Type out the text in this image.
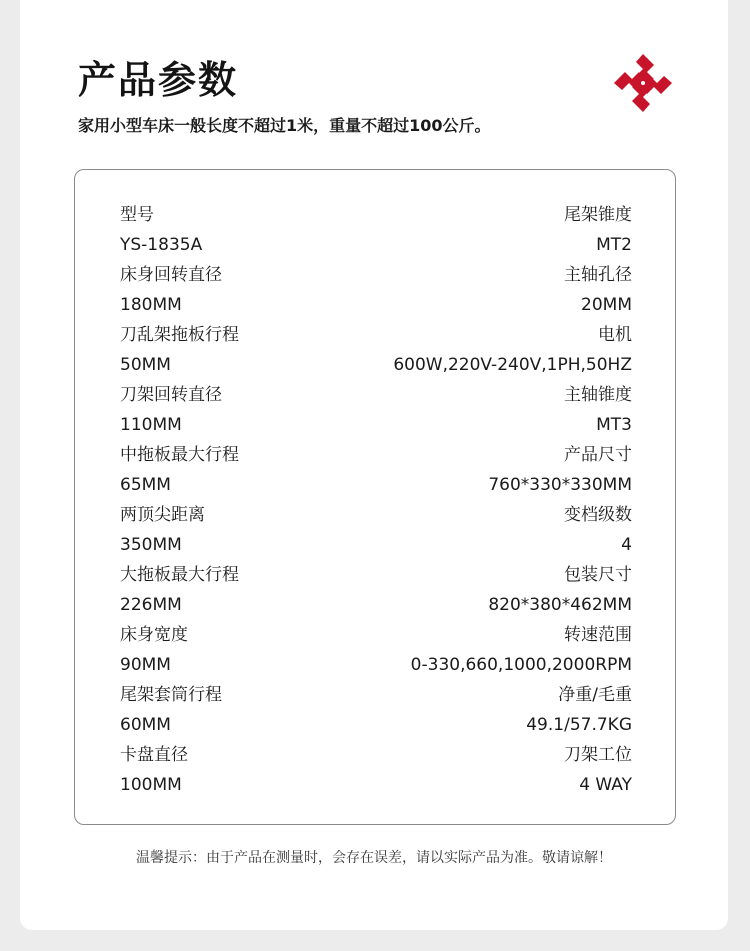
产品参数

家用小型车床一般长度不超过1米，重量不超过100公斤。

型号	尾架锥度
YS-1835A	MT2
床身回转直径	主轴孔径
180MM	20MM
刀乱架拖板行程	电机
50MM	600W,220V-240V,1PH,50HZ
刀架回转直径	主轴锥度
110MM	MT3
中拖板最大行程	产品尺寸
65MM	760*330*330MM
两顶尖距离	变档级数
350MM	4
大拖板最大行程	包装尺寸
226MM	820*380*462MM
床身宽度	转速范围
90MM	0-330,660,1000,2000RPM
尾架套筒行程	净重/毛重
60MM	49.1/57.7KG
卡盘直径	刀架工位
100MM	4 WAY
温馨提示：由于产品在测量时，会存在误差，请以实际产品为准。敬请谅解！
